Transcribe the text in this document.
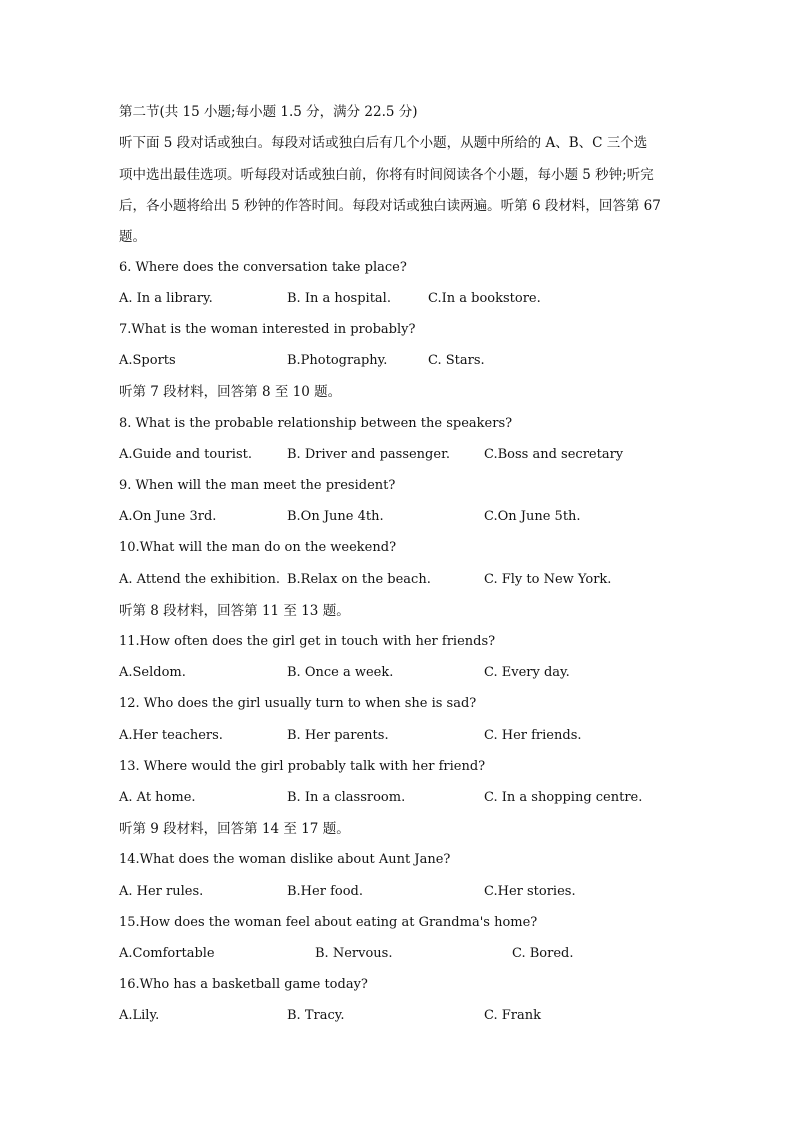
第二节(共 15 小题;每小题 1.5 分，满分 22.5 分)
听下面 5 段对话或独白。每段对话或独白后有几个小题，从题中所给的 A、B、C 三个选
项中选出最佳选项。听每段对话或独白前，你将有时间阅读各个小题，每小题 5 秒钟;听完
后，各小题将给出 5 秒钟的作答时间。每段对话或独白读两遍。听第 6 段材料，回答第 67
题。
6. Where does the conversation take place?
A. In a library.	B. In a hospital.	C.In a bookstore.
7.What is the woman interested in probably?
A.Sports	B.Photography.	C. Stars.
听第 7 段材料，回答第 8 至 10 题。
8. What is the probable relationship between the speakers?
A.Guide and tourist.	B. Driver and passenger.	C.Boss and secretary
9. When will the man meet the president?
A.On June 3rd.	B.On June 4th.	C.On June 5th.
10.What will the man do on the weekend?
A. Attend the exhibition. B.Relax on the beach.	C. Fly to New York.
听第 8 段材料，回答第 11 至 13 题。
11.How often does the girl get in touch with her friends?
A.Seldom.	B. Once a week.	C. Every day.
12. Who does the girl usually turn to when she is sad?
A.Her teachers.	B. Her parents.	C. Her friends.
13. Where would the girl probably talk with her friend?
A. At home.	B. In a classroom.	C. In a shopping centre.
听第 9 段材料，回答第 14 至 17 题。
14.What does the woman dislike about Aunt Jane?
A. Her rules.	B.Her food.	C.Her stories.
15.How does the woman feel about eating at Grandma's home?
A.Comfortable	B. Nervous.	C. Bored.
16.Who has a basketball game today?
A.Lily.	B. Tracy.	C. Frank
